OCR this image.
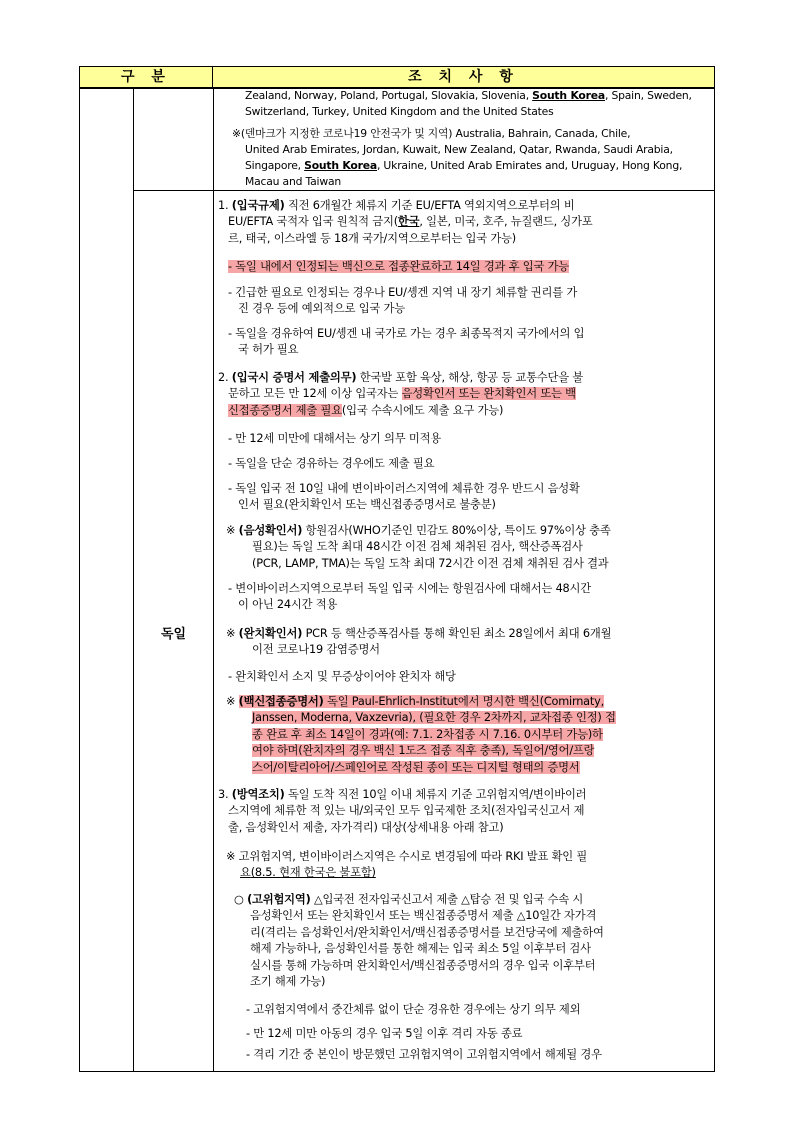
구 분	조 치 사 항
독일
Zealand, Norway, Poland, Portugal, Slovakia, Slovenia, South Korea, Spain, Sweden,
Switzerland, Turkey, United Kingdom and the United States
※(덴마크가 지정한 코로나19 안전국가 및 지역) Australia, Bahrain, Canada, Chile,
United Arab Emirates, Jordan, Kuwait, New Zealand, Qatar, Rwanda, Saudi Arabia,
Singapore, South Korea, Ukraine, United Arab Emirates and, Uruguay, Hong Kong,
Macau and Taiwan
1. (입국규제) 직전 6개월간 체류지 기준 EU/EFTA 역외지역으로부터의 비
EU/EFTA 국적자 입국 원칙적 금지(한국, 일본, 미국, 호주, 뉴질랜드, 싱가포
르, 태국, 이스라엘 등 18개 국가/지역으로부터는 입국 가능)
- 독일 내에서 인정되는 백신으로 접종완료하고 14일 경과 후 입국 가능
- 긴급한 필요로 인정되는 경우나 EU/솅겐 지역 내 장기 체류할 권리를 가
진 경우 등에 예외적으로 입국 가능
- 독일을 경유하여 EU/솅겐 내 국가로 가는 경우 최종목적지 국가에서의 입
국 허가 필요
2. (입국시 증명서 제출의무) 한국발 포함 육상, 해상, 항공 등 교통수단을 불
문하고 모든 만 12세 이상 입국자는 음성확인서 또는 완치확인서 또는 백
신접종증명서 제출 필요(입국 수속시에도 제출 요구 가능)
- 만 12세 미만에 대해서는 상기 의무 미적용
- 독일을 단순 경유하는 경우에도 제출 필요
- 독일 입국 전 10일 내에 변이바이러스지역에 체류한 경우 반드시 음성확
인서 필요(완치확인서 또는 백신접종증명서로 불충분)
※ (음성확인서) 항원검사(WHO기준인 민감도 80%이상, 특이도 97%이상 충족
필요)는 독일 도착 최대 48시간 이전 검체 채취된 검사, 핵산증폭검사
(PCR, LAMP, TMA)는 독일 도착 최대 72시간 이전 검체 채취된 검사 결과
- 변이바이러스지역으로부터 독일 입국 시에는 항원검사에 대해서는 48시간
이 아닌 24시간 적용
※ (완치확인서) PCR 등 핵산증폭검사를 통해 확인된 최소 28일에서 최대 6개월
이전 코로나19 감염증명서
- 완치확인서 소지 및 무증상이어야 완치자 해당
※ (백신접종증명서) 독일 Paul-Ehrlich-Institut에서 명시한 백신(Comirnaty,
Janssen, Moderna, Vaxzevria), (필요한 경우 2차까지, 교차접종 인정) 접
종 완료 후 최소 14일이 경과(예: 7.1. 2차접종 시 7.16. 0시부터 가능)하
여야 하며(완치자의 경우 백신 1도즈 접종 직후 충족), 독일어/영어/프랑
스어/이탈리아어/스페인어로 작성된 종이 또는 디지털 형태의 증명서
3. (방역조치) 독일 도착 직전 10일 이내 체류지 기준 고위험지역/변이바이러
스지역에 체류한 적 있는 내/외국인 모두 입국제한 조치(전자입국신고서 제
출, 음성확인서 제출, 자가격리) 대상(상세내용 아래 참고)
※ 고위험지역, 변이바이러스지역은 수시로 변경됨에 따라 RKI 발표 확인 필
요(8.5. 현재 한국은 불포함)
○ (고위험지역) △입국전 전자입국신고서 제출 △탑승 전 및 입국 수속 시
음성확인서 또는 완치확인서 또는 백신접종증명서 제출 △10일간 자가격
리(격리는 음성확인서/완치확인서/백신접종증명서를 보건당국에 제출하여
해제 가능하나, 음성확인서를 통한 해제는 입국 최소 5일 이후부터 검사
실시를 통해 가능하며 완치확인서/백신접종증명서의 경우 입국 이후부터
조기 해제 가능)
- 고위험지역에서 중간체류 없이 단순 경유한 경우에는 상기 의무 제외
- 만 12세 미만 아동의 경우 입국 5일 이후 격리 자동 종료
- 격리 기간 중 본인이 방문했던 고위험지역이 고위험지역에서 해제될 경우
